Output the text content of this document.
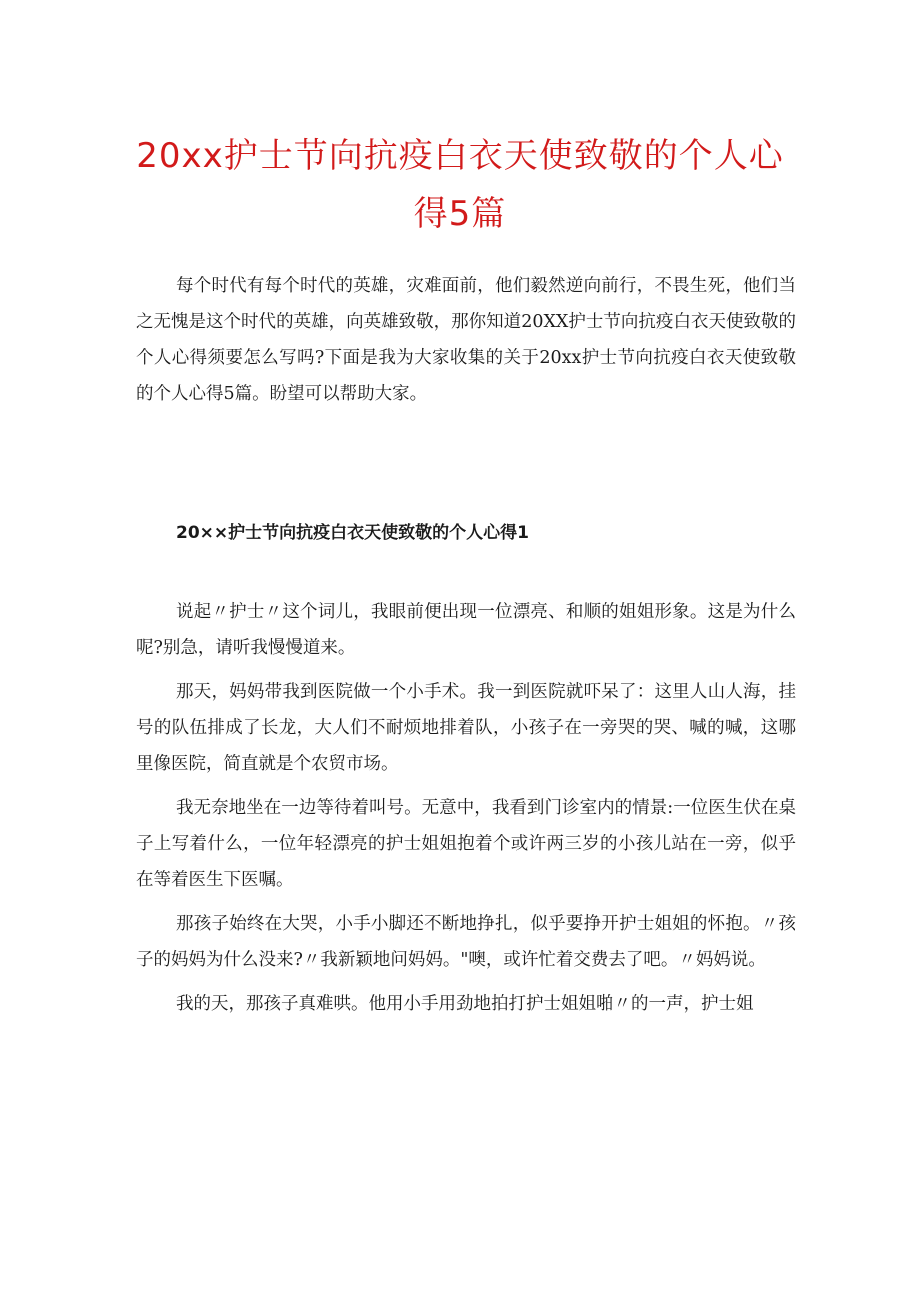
20xx护士节向抗疫白衣天使致敬的个人心
得5篇

每个时代有每个时代的英雄，灾难面前，他们毅然逆向前行，不畏生死，他们当之无愧是这个时代的英雄，向英雄致敬，那你知道20XX护士节向抗疫白衣天使致敬的个人心得须要怎么写吗?下面是我为大家收集的关于20xx护士节向抗疫白衣天使致敬的个人心得5篇。盼望可以帮助大家。

20××护士节向抗疫白衣天使致敬的个人心得1

说起〃护士〃这个词儿，我眼前便出现一位漂亮、和顺的姐姐形象。这是为什么呢?别急，请听我慢慢道来。

那天，妈妈带我到医院做一个小手术。我一到医院就吓呆了：这里人山人海，挂号的队伍排成了长龙，大人们不耐烦地排着队，小孩子在一旁哭的哭、喊的喊，这哪里像医院，简直就是个农贸市场。

我无奈地坐在一边等待着叫号。无意中，我看到门诊室内的情景:一位医生伏在桌子上写着什么，一位年轻漂亮的护士姐姐抱着个或许两三岁的小孩儿站在一旁，似乎在等着医生下医嘱。

那孩子始终在大哭，小手小脚还不断地挣扎，似乎要挣开护士姐姐的怀抱。〃孩子的妈妈为什么没来?〃我新颖地问妈妈。"噢，或许忙着交费去了吧。〃妈妈说。

我的天，那孩子真难哄。他用小手用劲地拍打护士姐姐啪〃的一声，护士姐
